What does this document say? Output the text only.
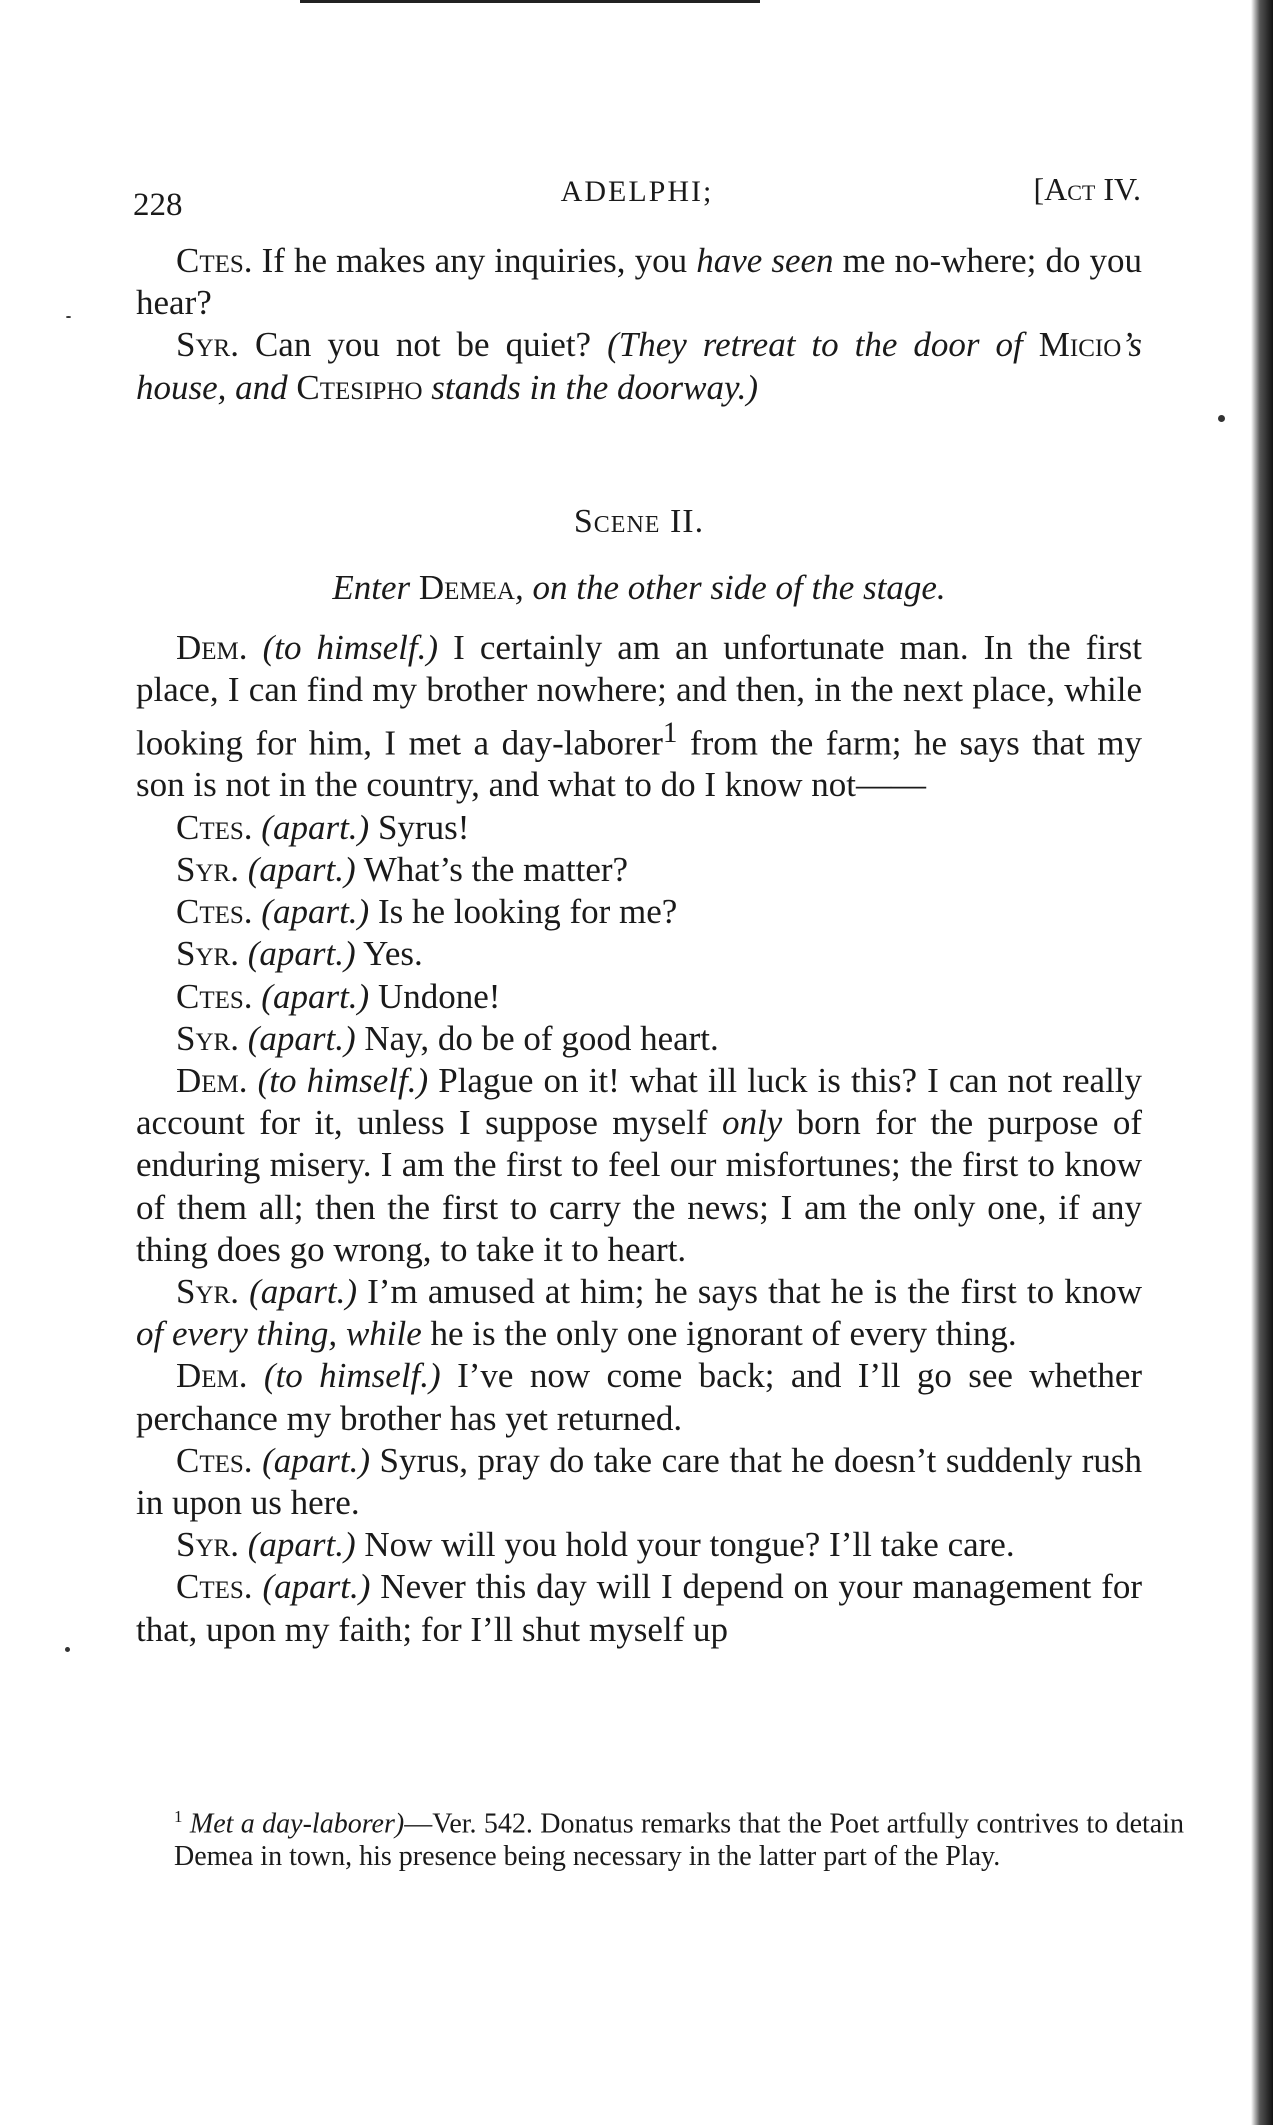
228	ADELPHI;	[Act IV.

Ctes. If he makes any inquiries, you have seen me no-where; do you hear?

Syr. Can you not be quiet? (They retreat to the door of Micio’s house, and Ctesipho stands in the doorway.)

Scene II.
Enter Demea, on the other side of the stage.

Dem. (to himself.) I certainly am an unfortunate man. In the first place, I can find my brother nowhere; and then, in the next place, while looking for him, I met a day-laborer$^1$ from the farm; he says that my son is not in the country, and what to do I know not——

Ctes. (apart.) Syrus!

Syr. (apart.) What’s the matter?

Ctes. (apart.) Is he looking for me?

Syr. (apart.) Yes.

Ctes. (apart.) Undone!

Syr. (apart.) Nay, do be of good heart.

Dem. (to himself.) Plague on it! what ill luck is this? I can not really account for it, unless I suppose myself only born for the purpose of enduring misery. I am the first to feel our misfortunes; the first to know of them all; then the first to carry the news; I am the only one, if any thing does go wrong, to take it to heart.

Syr. (apart.) I’m amused at him; he says that he is the first to know of every thing, while he is the only one ignorant of every thing.

Dem. (to himself.) I’ve now come back; and I’ll go see whether perchance my brother has yet returned.

Ctes. (apart.) Syrus, pray do take care that he doesn’t suddenly rush in upon us here.

Syr. (apart.) Now will you hold your tongue? I’ll take care.

Ctes. (apart.) Never this day will I depend on your management for that, upon my faith; for I’ll shut myself up

$^1$ Met a day-laborer)—Ver. 542. Donatus remarks that the Poet artfully contrives to detain Demea in town, his presence being necessary in the latter part of the Play.
